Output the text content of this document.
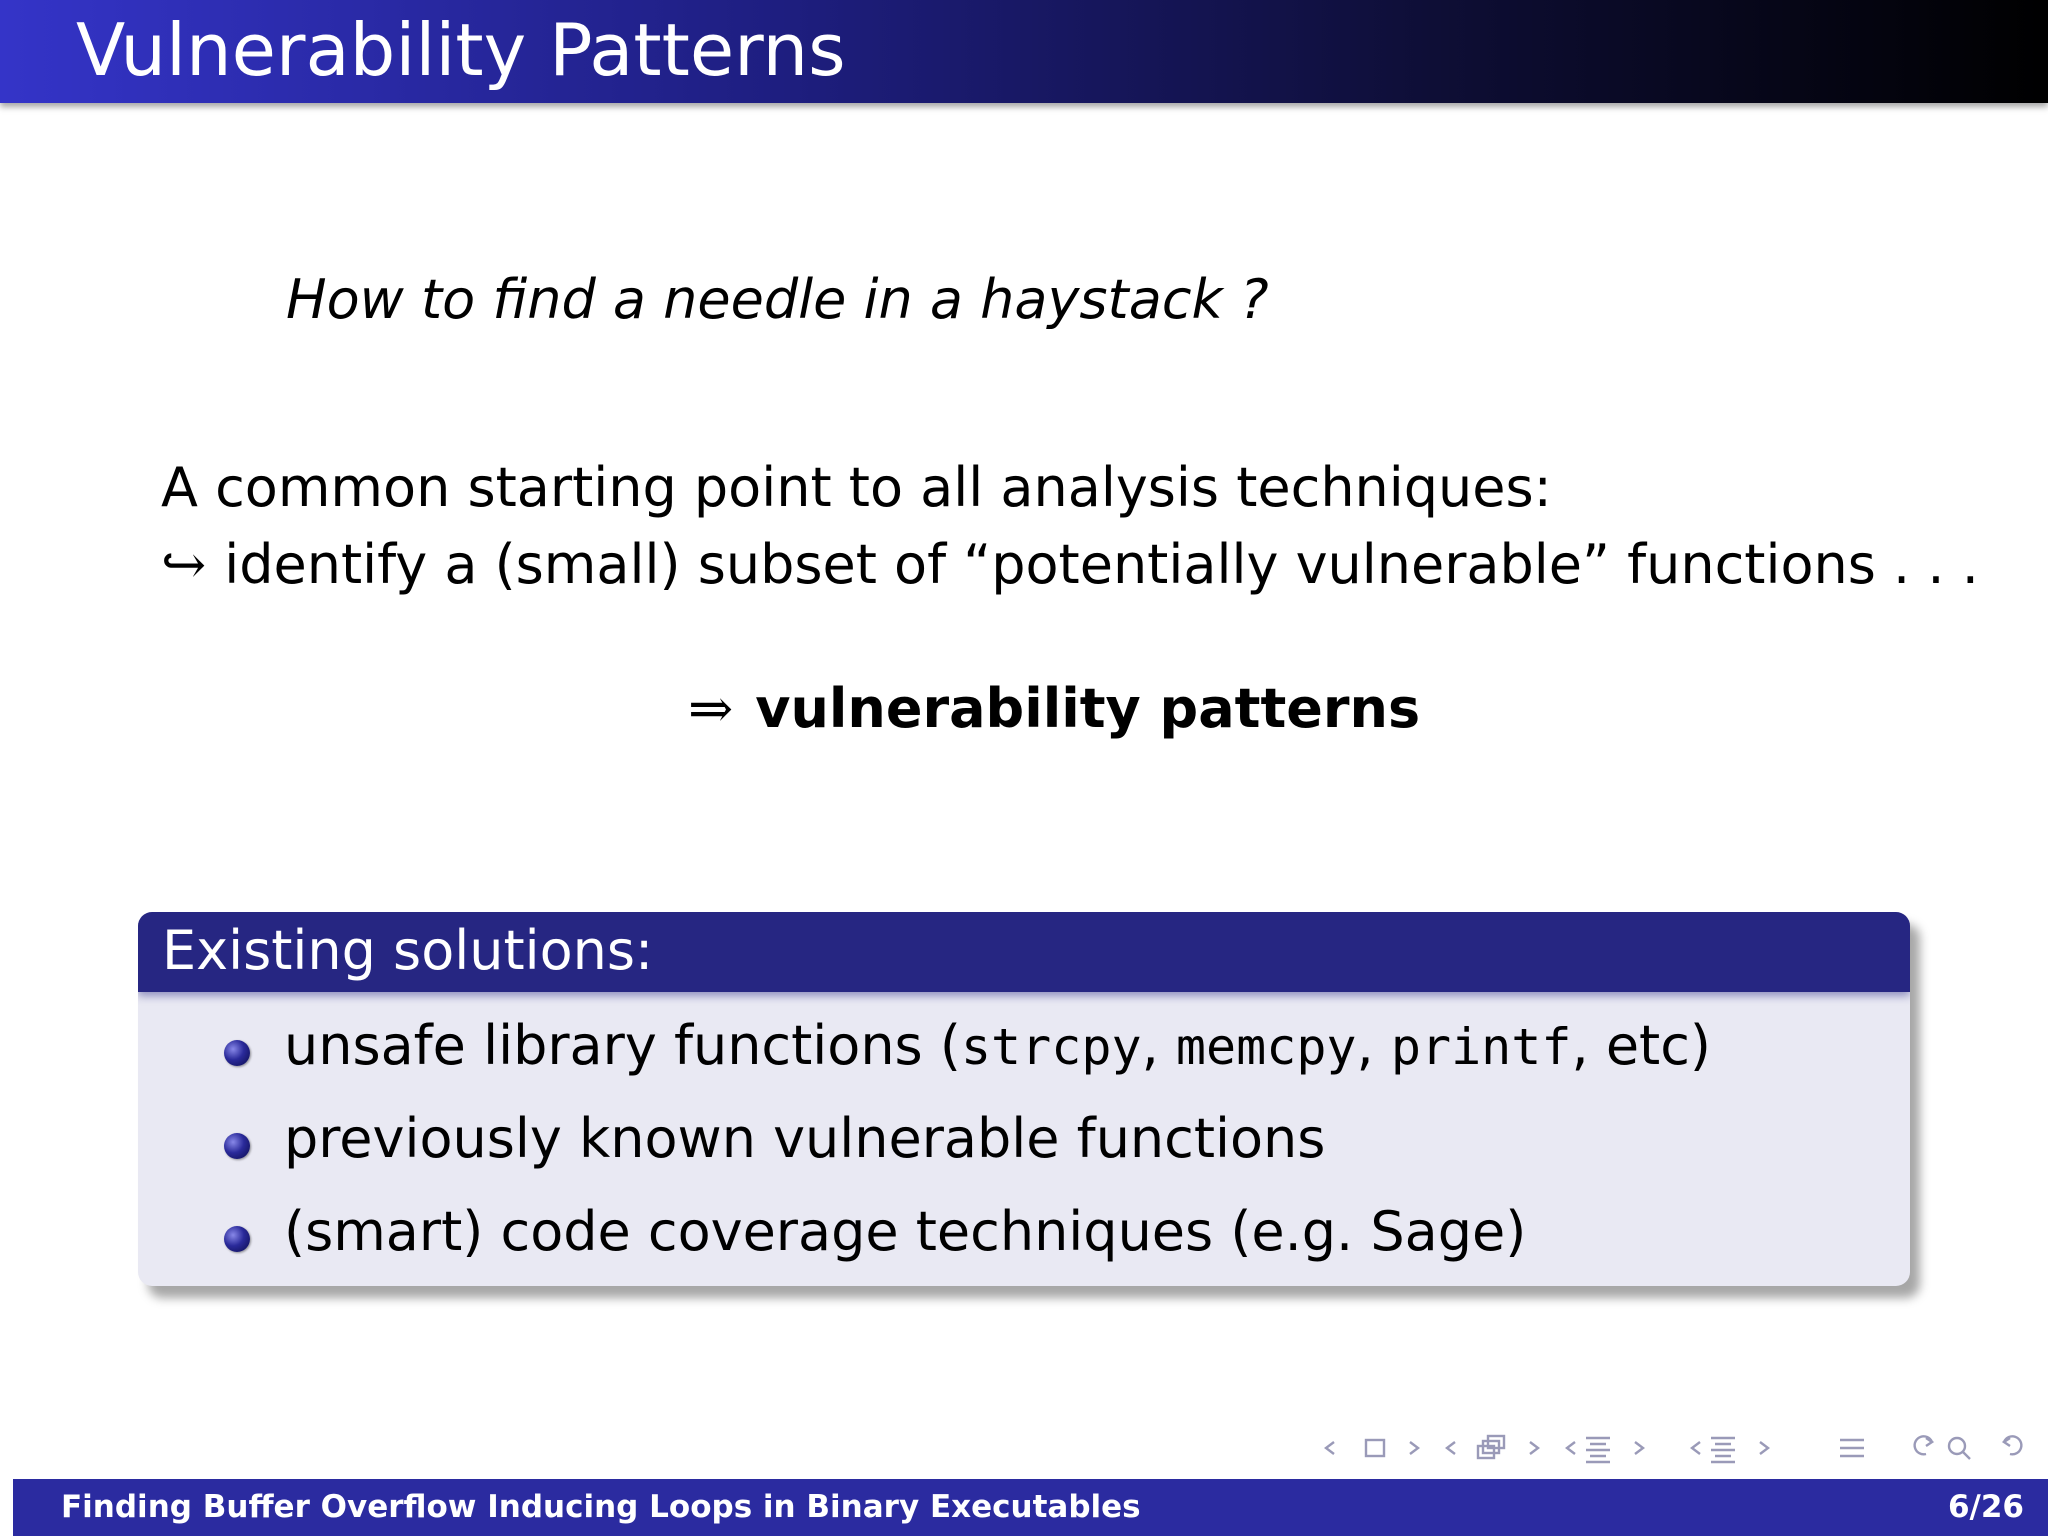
Vulnerability Patterns
How to find a needle in a haystack ?
A common starting point to all analysis techniques:
↪ identify a (small) subset of “potentially vulnerable” functions . . .
⇒ vulnerability patterns
Existing solutions:
unsafe library functions (strcpy, memcpy, printf, etc)
previously known vulnerable functions
(smart) code coverage techniques (e.g. Sage)
Finding Buffer Overflow Inducing Loops in Binary Executables	6/26
